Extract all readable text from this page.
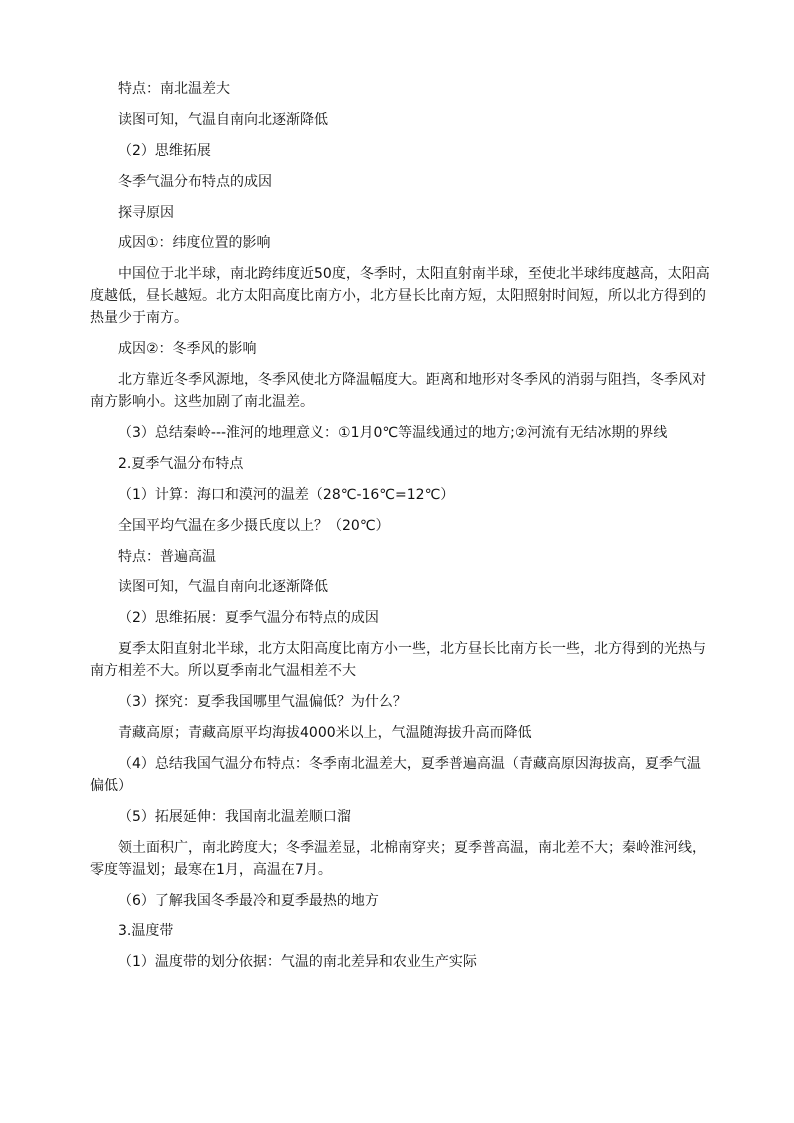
特点：南北温差大

读图可知，气温自南向北逐渐降低

（2）思维拓展

冬季气温分布特点的成因

探寻原因

成因①：纬度位置的影响

中国位于北半球，南北跨纬度近50度，冬季时，太阳直射南半球，至使北半球纬度越高，太阳高度越低，昼长越短。北方太阳高度比南方小，北方昼长比南方短，太阳照射时间短，所以北方得到的热量少于南方。

成因②：冬季风的影响

北方靠近冬季风源地，冬季风使北方降温幅度大。距离和地形对冬季风的消弱与阻挡，冬季风对南方影响小。这些加剧了南北温差。

（3）总结秦岭---淮河的地理意义：①1月0℃等温线通过的地方;②河流有无结冰期的界线

2.夏季气温分布特点

（1）计算：海口和漠河的温差（28℃-16℃=12℃）

全国平均气温在多少摄氏度以上？（20℃）

特点：普遍高温

读图可知，气温自南向北逐渐降低

（2）思维拓展：夏季气温分布特点的成因

夏季太阳直射北半球，北方太阳高度比南方小一些，北方昼长比南方长一些，北方得到的光热与南方相差不大。所以夏季南北气温相差不大

（3）探究：夏季我国哪里气温偏低？为什么？

青藏高原；青藏高原平均海拔4000米以上，气温随海拔升高而降低

（4）总结我国气温分布特点：冬季南北温差大，夏季普遍高温（青藏高原因海拔高，夏季气温偏低）

（5）拓展延伸：我国南北温差顺口溜

领土面积广，南北跨度大；冬季温差显，北棉南穿夹；夏季普高温，南北差不大；秦岭淮河线，零度等温划；最寒在1月，高温在7月。

（6）了解我国冬季最冷和夏季最热的地方

3.温度带

（1）温度带的划分依据：气温的南北差异和农业生产实际
